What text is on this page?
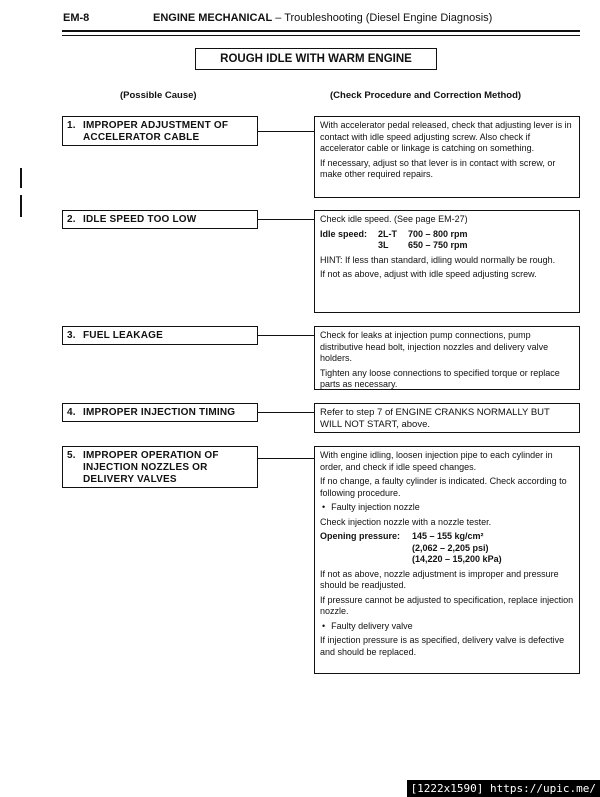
EM-8	ENGINE MECHANICAL – Troubleshooting (Diesel Engine Diagnosis)
ROUGH IDLE WITH WARM ENGINE
(Possible Cause)	(Check Procedure and Correction Method)
1. IMPROPER ADJUSTMENT OF
ACCELERATOR CABLE

With accelerator pedal released, check that adjusting lever is in contact with idle speed adjusting screw. Also check if accelerator cable or linkage is catching on something.

If necessary, adjust so that lever is in contact with screw, or make other required repairs.

2. IDLE SPEED TOO LOW	Check idle speed. (See page EM-27)

Idle speed:	2L-T	700 – 800 rpm
3L	650 – 750 rpm

HINT: If less than standard, idling would normally be rough.

If not as above, adjust with idle speed adjusting screw.

3. FUEL LEAKAGE	Check for leaks at injection pump connections, pump distributive head bolt, injection nozzles and delivery valve holders.

Tighten any loose connections to specified torque or replace parts as necessary.

4. IMPROPER INJECTION TIMING	Refer to step 7 of ENGINE CRANKS NORMALLY BUT WILL NOT START, above.

5. IMPROPER OPERATION OF
INJECTION NOZZLES OR
DELIVERY VALVES

With engine idling, loosen injection pipe to each cylinder in order, and check if idle speed changes.

If no change, a faulty cylinder is indicated. Check according to following procedure.

• Faulty injection nozzle

Check injection nozzle with a nozzle tester.

Opening pressure:	145 – 155 kg/cm²
(2,062 – 2,205 psi)
(14,220 – 15,200 kPa)

If not as above, nozzle adjustment is improper and pressure should be readjusted.

If pressure cannot be adjusted to specification, replace injection nozzle.

• Faulty delivery valve

If injection pressure is as specified, delivery valve is defective and should be replaced.

[1222x1590] https://upic.me/
